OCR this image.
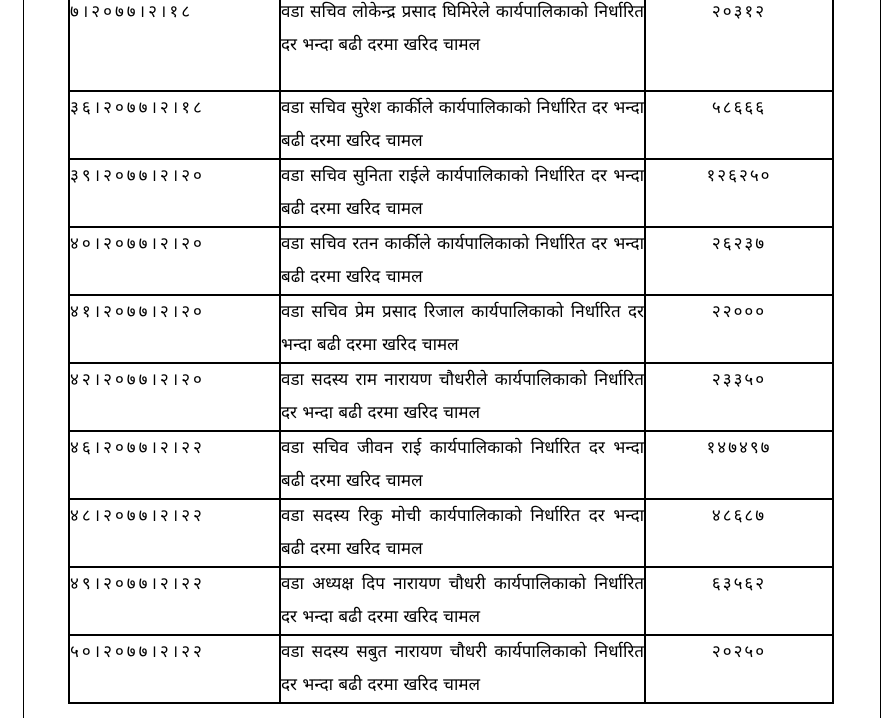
७।२०७७।२।१८	वडा सचिव लोकेन्द्र प्रसाद घिमिरेले कार्यपालिकाको निर्धारित दर भन्दा बढी दरमा खरिद चामल	२०३१२
३६।२०७७।२।१८	वडा सचिव सुरेश कार्कीले कार्यपालिकाको निर्धारित दर भन्दा बढी दरमा खरिद चामल	५८६६६
३९।२०७७।२।२०	वडा सचिव सुनिता राईले कार्यपालिकाको निर्धारित दर भन्दा बढी दरमा खरिद चामल	१२६२५०
४०।२०७७।२।२०	वडा सचिव रतन कार्कीले कार्यपालिकाको निर्धारित दर भन्दा बढी दरमा खरिद चामल	२६२३७
४१।२०७७।२।२०	वडा सचिव प्रेम प्रसाद रिजाल कार्यपालिकाको निर्धारित दर भन्दा बढी दरमा खरिद चामल	२२०००
४२।२०७७।२।२०	वडा सदस्य राम नारायण चौधरीले कार्यपालिकाको निर्धारित दर भन्दा बढी दरमा खरिद चामल	२३३५०
४६।२०७७।२।२२	वडा सचिव जीवन राई कार्यपालिकाको निर्धारित दर भन्दा बढी दरमा खरिद चामल	१४७४९७
४८।२०७७।२।२२	वडा सदस्य रिकु मोची कार्यपालिकाको निर्धारित दर भन्दा बढी दरमा खरिद चामल	४८६८७
४९।२०७७।२।२२	वडा अध्यक्ष दिप नारायण चौधरी कार्यपालिकाको निर्धारित दर भन्दा बढी दरमा खरिद चामल	६३५६२
५०।२०७७।२।२२	वडा सदस्य सबुत नारायण चौधरी कार्यपालिकाको निर्धारित दर भन्दा बढी दरमा खरिद चामल	२०२५०
